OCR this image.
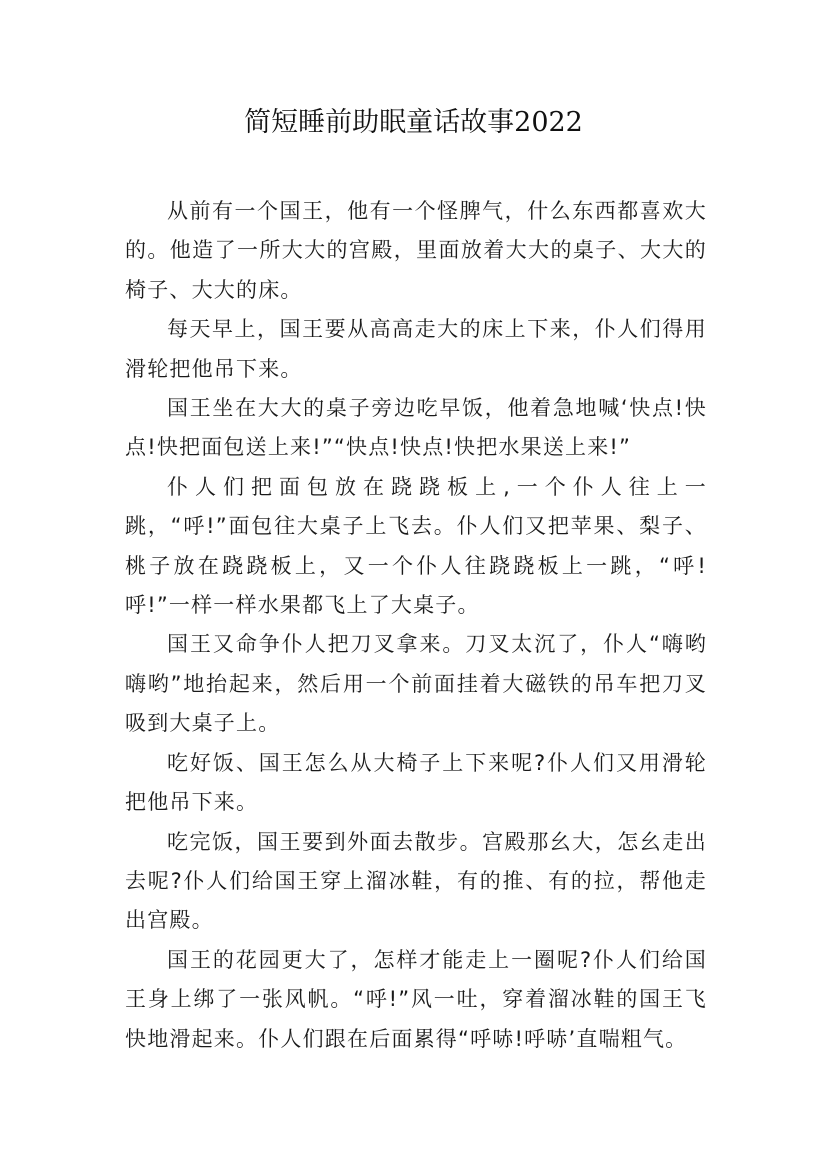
简短睡前助眠童话故事2022

从前有一个国王，他有一个怪脾气，什么东西都喜欢大的。他造了一所大大的宫殿，里面放着大大的桌子、大大的椅子、大大的床。

每天早上，国王要从高高走大的床上下来，仆人们得用滑轮把他吊下来。

国王坐在大大的桌子旁边吃早饭，他着急地喊‘快点!快点!快把面包送上来!”“快点!快点!快把水果送上来!”

仆人们把面包放在跷跷板上,一个仆人往上一跳，“呼!”面包往大桌子上飞去。仆人们又把苹果、梨子、桃子放在跷跷板上，又一个仆人往跷跷板上一跳，“呼!呼!”一样一样水果都飞上了大桌子。

国王又命争仆人把刀叉拿来。刀叉太沉了，仆人“嗨哟嗨哟”地抬起来，然后用一个前面挂着大磁铁的吊车把刀叉吸到大桌子上。

吃好饭、国王怎么从大椅子上下来呢?仆人们又用滑轮把他吊下来。

吃完饭，国王要到外面去散步。宫殿那幺大，怎幺走出去呢?仆人们给国王穿上溜冰鞋，有的推、有的拉，帮他走出宫殿。

国王的花园更大了，怎样才能走上一圈呢?仆人们给国王身上绑了一张风帆。“呼!”风一吐，穿着溜冰鞋的国王飞快地滑起来。仆人们跟在后面累得“呼哧!呼哧’直喘粗气。
